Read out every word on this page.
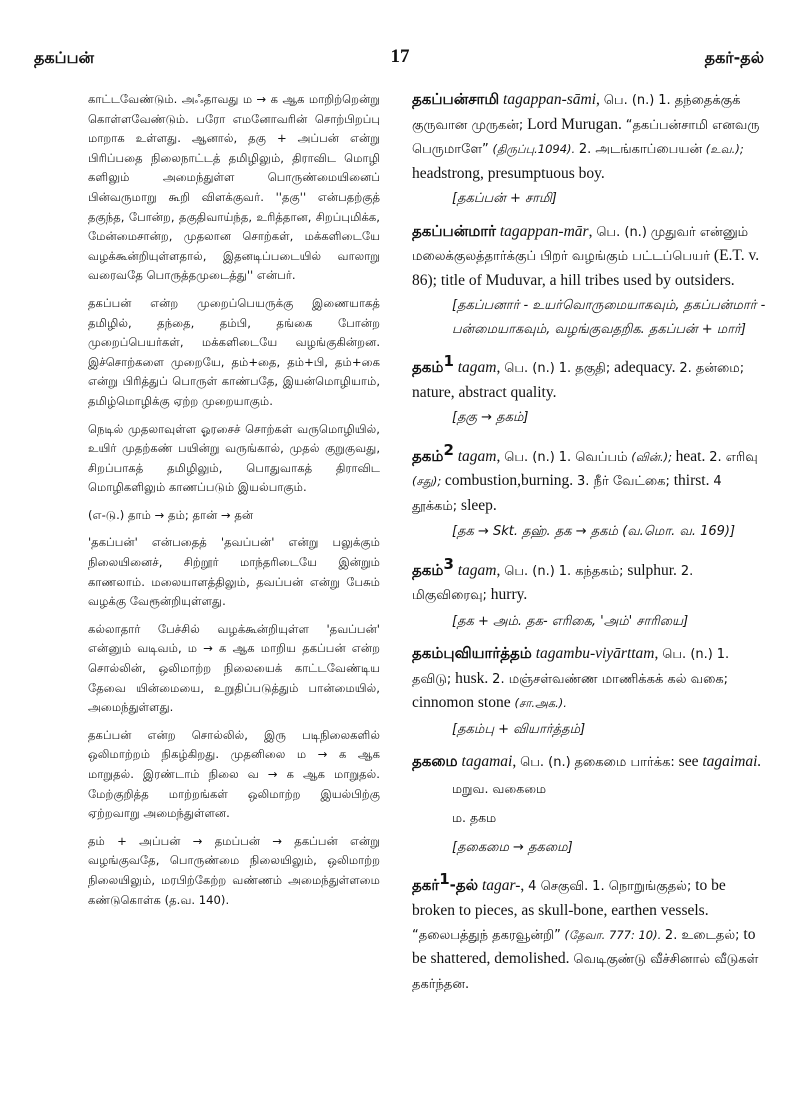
தகப்பன்	17	தகர்-தல்

காட்டவேண்டும். அஃதாவது ம → க ஆக மாறிற்றென்று கொள்ளவேண்டும். பரோ எமனோவரின் சொற்பிறப்பு மாறாக உள்ளது. ஆனால், தகு + அப்பன் என்று பிரிப்பதை நிலைநாட்டத் தமிழிலும், திராவிட மொழி களிலும் அமைந்துள்ள பொருண்மையினைப் பின்வருமாறு கூறி விளக்குவர். ''தகு'' என்பதற்குத் தகுந்த, போன்ற, தகுதிவாய்ந்த, உரித்தான, சிறப்புமிக்க, மேன்மைசான்ற, முதலான சொற்கள், மக்களிடையே வழக்கூன்றியுள்ளதால், இதனடிப்படையில் வாலாறு வரைவதே பொருத்தமுடைத்து'' என்பர்.

தகப்பன் என்ற முறைப்பெயருக்கு இணையாகத் தமிழில், தந்தை, தம்பி, தங்கை போன்ற முறைப்பெயர்கள், மக்களிடையே வழங்குகின்றன. இச்சொற்களை முறையே, தம்+தை, தம்+பி, தம்+கை என்று பிரித்துப் பொருள் காண்பதே, இயன்மொழியாம், தமிழ்மொழிக்கு ஏற்ற முறையாகும்.

நெடில் முதலாவுள்ள ஓரசைச் சொற்கள் வருமொழியில், உயிர் முதற்கண் பயின்று வருங்கால், முதல் குறுகுவது, சிறப்பாகத் தமிழிலும், பொதுவாகத் திராவிட மொழிகளிலும் காணப்படும் இயல்பாகும்.

(எ-டு.) தாம் → தம்; தான் → தன்

'தகப்பன்' என்பதைத் 'தவப்பன்' என்று பலுக்கும் நிலையினைச், சிற்றூர் மாந்தரிடையே இன்றும் காணலாம். மலையாளத்திலும், தவப்பன் என்று பேசும் வழக்கு வேரூன்றியுள்ளது.

கல்லாதார் பேச்சில் வழக்கூன்றியுள்ள 'தவப்பன்' என்னும் வடிவம், ம → க ஆக மாறிய தகப்பன் என்ற சொல்லின், ஒலிமாற்ற நிலையைக் காட்டவேண்டிய தேவை யின்மையை, உறுதிப்படுத்தும் பான்மையில், அமைந்துள்ளது.

தகப்பன் என்ற சொல்லில், இரு படிநிலைகளில் ஒலிமாற்றம் நிகழ்கிறது. முதனிலை ம → க ஆக மாறுதல். இரண்டாம் நிலை வ → க ஆக மாறுதல். மேற்குறித்த மாற்றங்கள் ஒலிமாற்ற இயல்பிற்கு ஏற்றவாறு அமைந்துள்ளன.

தம் + அப்பன் → தமப்பன் → தகப்பன் என்று வழங்குவதே, பொருண்மை நிலையிலும், ஒலிமாற்ற நிலையிலும், மரபிற்கேற்ற வண்ணம் அமைந்துள்ளமை கண்டுகொள்க (த.வ. 140).

தகப்பன்சாமி tagappan-sāmi, பெ. (n.) 1. தந்தைக்குக் குருவான முருகன்; Lord Murugan. “தகப்பன்சாமி எனவரு பெருமாளே” (திருப்பு.1094). 2. அடங்காப்பையன் (உவ.); headstrong, presumptuous boy.
[தகப்பன் + சாமி]
தகப்பன்மார் tagappan-mār, பெ. (n.) முதுவர் என்னும் மலைக்குலத்தார்க்குப் பிறர் வழங்கும் பட்டப்பெயர் (E.T. v. 86); title of Muduvar, a hill tribes used by outsiders.
[தகப்பனார் - உயர்வொருமையாகவும், தகப்பன்மார் - பன்மையாகவும், வழங்குவதறிக. தகப்பன் + மார்]
தகம்$^1$ tagam, பெ. (n.) 1. தகுதி; adequacy. 2. தன்மை; nature, abstract quality.
[தகு → தகம்]
தகம்$^2$ tagam, பெ. (n.) 1. வெப்பம் (வின்.); heat. 2. எரிவு (சது); combustion,burning. 3. நீர் வேட்கை; thirst. 4 தூக்கம்; sleep.
[தக → Skt. தஹ். தக → தகம் (வ.மொ. வ. 169)]
தகம்$^3$ tagam, பெ. (n.) 1. கந்தகம்; sulphur. 2. மிகுவிரைவு; hurry.
[தக + அம். தக- எரிகை, 'அம்' சாரியை]
தகம்புவியார்த்தம் tagambu-viyārttam, பெ. (n.) 1. தவிடு; husk. 2. மஞ்சள்வண்ண மாணிக்கக் கல் வகை; cinnomon stone (சா.அக.).
[தகம்பு + வியார்த்தம்]
தகமை tagamai, பெ. (n.) தகைமை பார்க்க: see tagaimai.
மறுவ. வகைமை
ம. தகம
[தகைமை → தகமை]
தகர்$^1$-தல் tagar-, 4 செகுவி. 1. நொறுங்குதல்; to be broken to pieces, as skull-bone, earthen vessels. “தலைபத்துந் தகரவூன்றி” (தேவா. 777: 10). 2. உடைதல்; to be shattered, demolished. வெடிகுண்டு வீச்சினால் வீடுகள் தகர்ந்தன.
